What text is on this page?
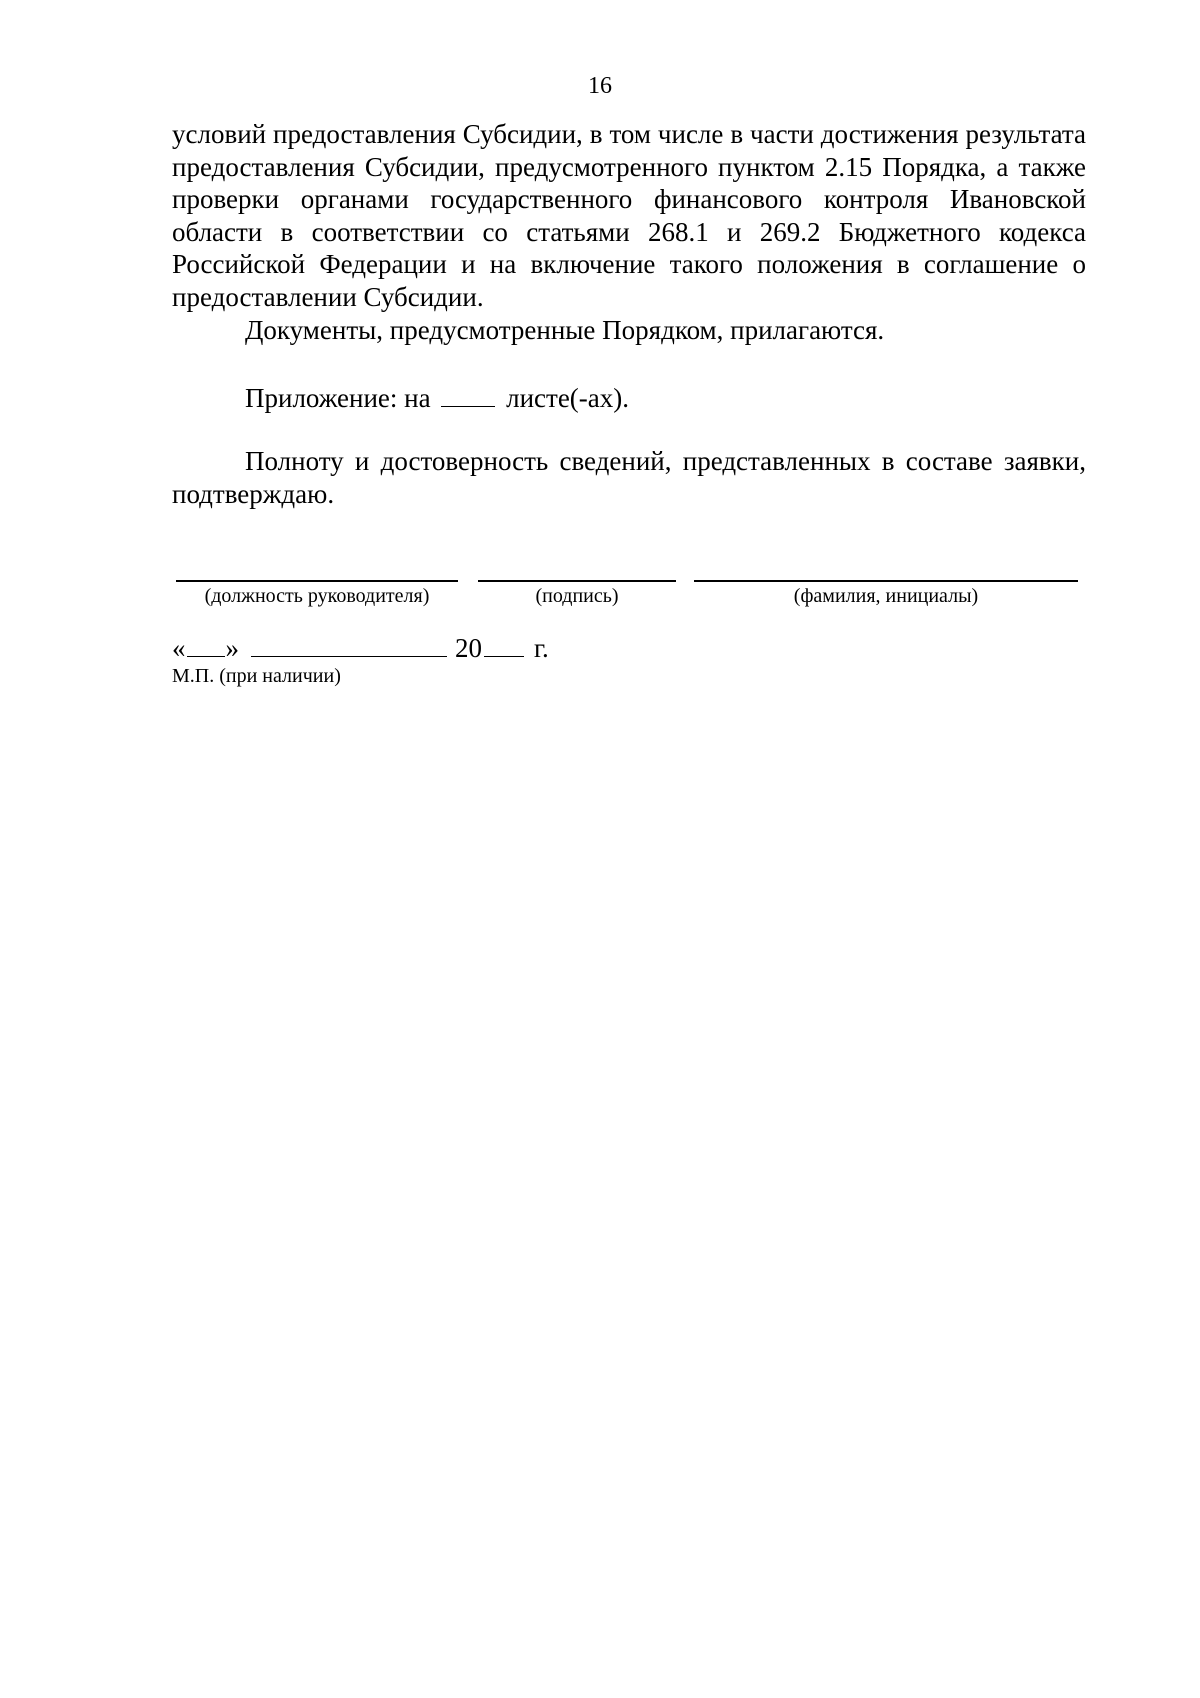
16

условий предоставления Субсидии, в том числе в части достижения результата предоставления Субсидии, предусмотренного пунктом 2.15 Порядка, а также проверки органами государственного финансового контроля Ивановской области в соответствии со статьями 268.1 и 269.2 Бюджетного кодекса Российской Федерации и на включение такого положения в соглашение о предоставлении Субсидии.

Документы, предусмотренные Порядком, прилагаются.

Приложение: на	листе(-ах).

Полноту и достоверность сведений, представленных в составе заявки, подтверждаю.

(должность руководителя)	(подпись)	(фамилия, инициалы)
« »	20 г.
М.П. (при наличии)
